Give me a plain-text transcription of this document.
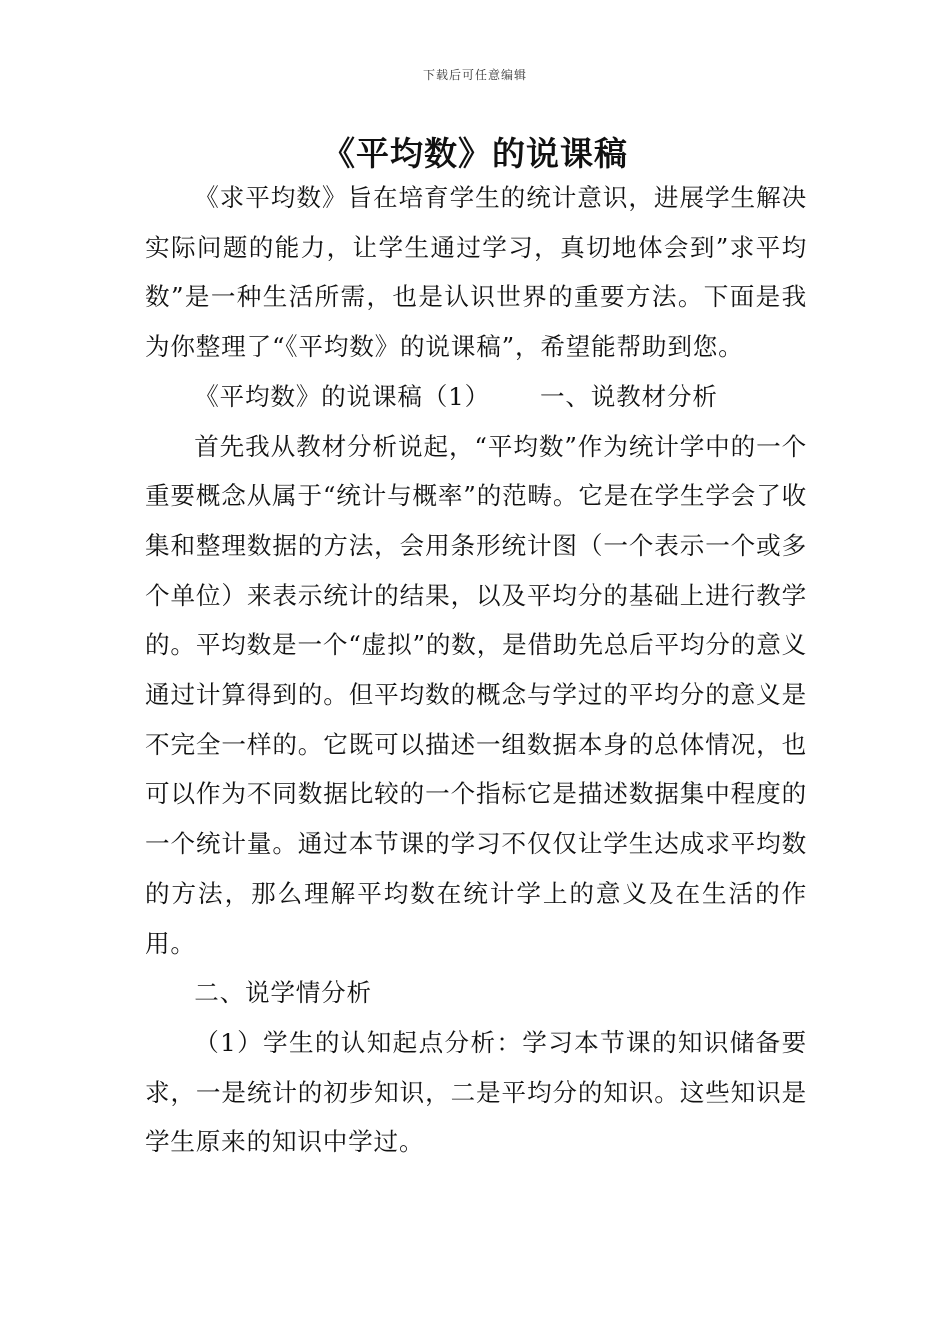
下载后可任意编辑
《平均数》的说课稿

《求平均数》旨在培育学生的统计意识，进展学生解决实际问题的能力，让学生通过学习，真切地体会到”求平均数”是一种生活所需，也是认识世界的重要方法。下面是我为你整理了“《平均数》的说课稿”，希望能帮助到您。

《平均数》的说课稿（1） 一、说教材分析

首先我从教材分析说起，“平均数”作为统计学中的一个重要概念从属于“统计与概率”的范畴。它是在学生学会了收集和整理数据的方法，会用条形统计图（一个表示一个或多个单位）来表示统计的结果，以及平均分的基础上进行教学的。平均数是一个“虚拟”的数，是借助先总后平均分的意义通过计算得到的。但平均数的概念与学过的平均分的意义是不完全一样的。它既可以描述一组数据本身的总体情况，也可以作为不同数据比较的一个指标它是描述数据集中程度的一个统计量。通过本节课的学习不仅仅让学生达成求平均数的方法，那么理解平均数在统计学上的意义及在生活的作用。

二、说学情分析

（1）学生的认知起点分析：学习本节课的知识储备要求，一是统计的初步知识，二是平均分的知识。这些知识是学生原来的知识中学过。
